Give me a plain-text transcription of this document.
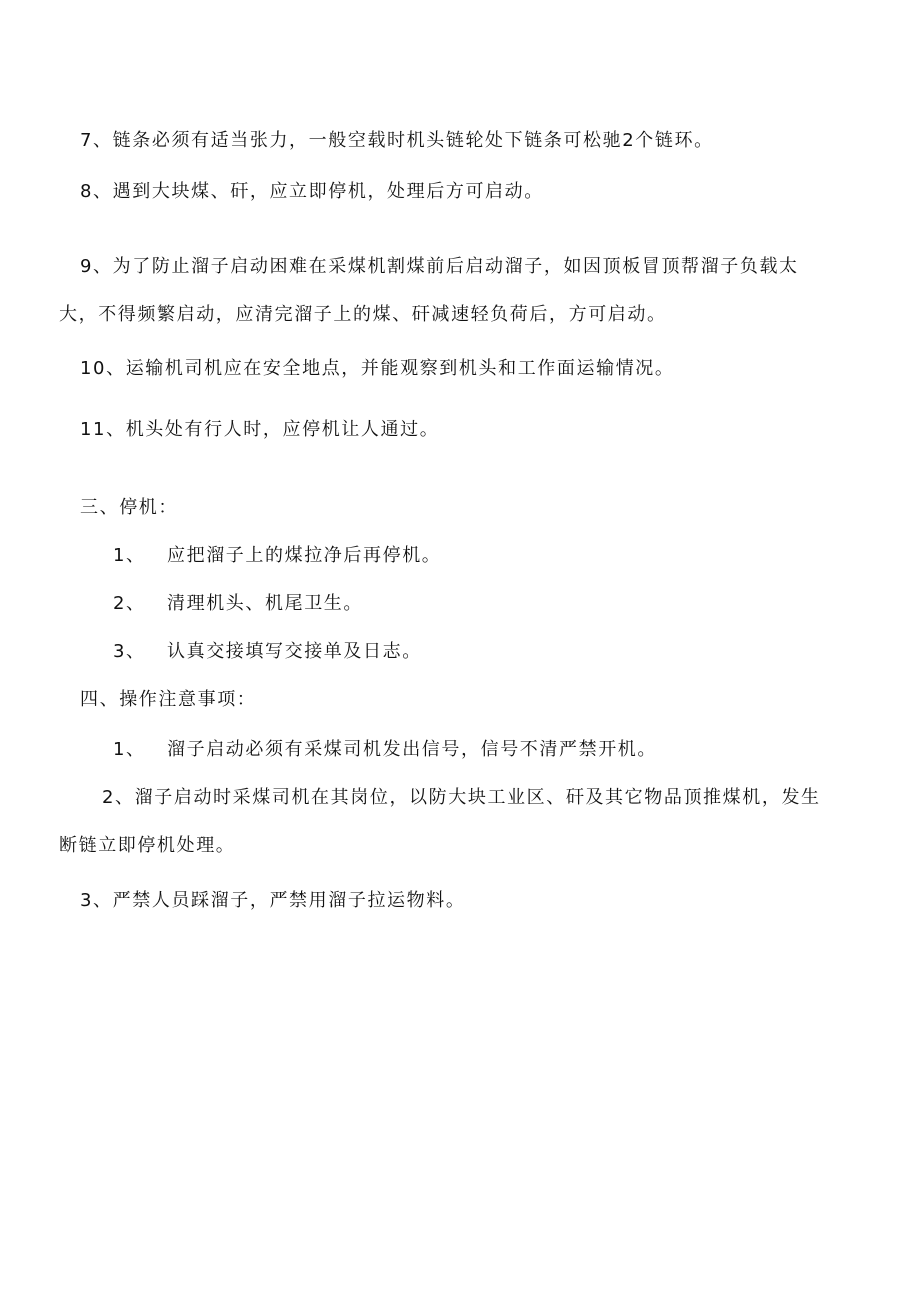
7、链条必须有适当张力，一般空载时机头链轮处下链条可松驰2个链环。
8、遇到大块煤、矸，应立即停机，处理后方可启动。
9、为了防止溜子启动困难在采煤机割煤前后启动溜子，如因顶板冒顶帮溜子负载太
大，不得频繁启动，应清完溜子上的煤、矸减速轻负荷后，方可启动。
10、运输机司机应在安全地点，并能观察到机头和工作面运输情况。
11、机头处有行人时，应停机让人通过。
三、停机：
1、 应把溜子上的煤拉净后再停机。
2、 清理机头、机尾卫生。
3、 认真交接填写交接单及日志。
四、操作注意事项：
1、 溜子启动必须有采煤司机发出信号，信号不清严禁开机。
2、溜子启动时采煤司机在其岗位，以防大块工业区、矸及其它物品顶推煤机，发生
断链立即停机处理。
3、严禁人员踩溜子，严禁用溜子拉运物料。
